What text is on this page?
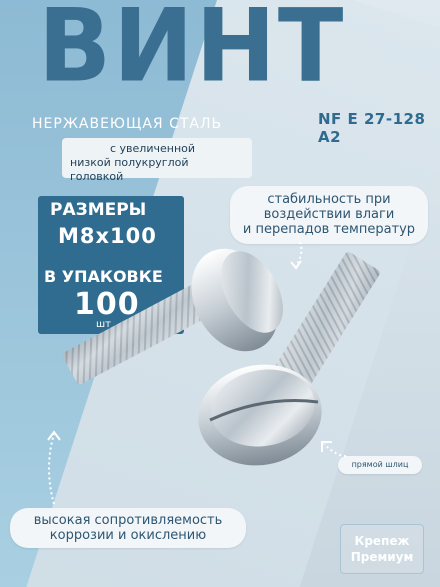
ВИНТ
НЕРЖАВЕЮЩАЯ СТАЛЬ	NF E 27-128 A2
с увеличенной
низкой полукруглой головкой
РАЗМЕРЫ
M8x100
В УПАКОВКЕ
100
шт
стабильность при
воздействии влаги
и перепадов температур
прямой шлиц
высокая сопротивляемость
коррозии и окислению	Крепеж
Премиум
